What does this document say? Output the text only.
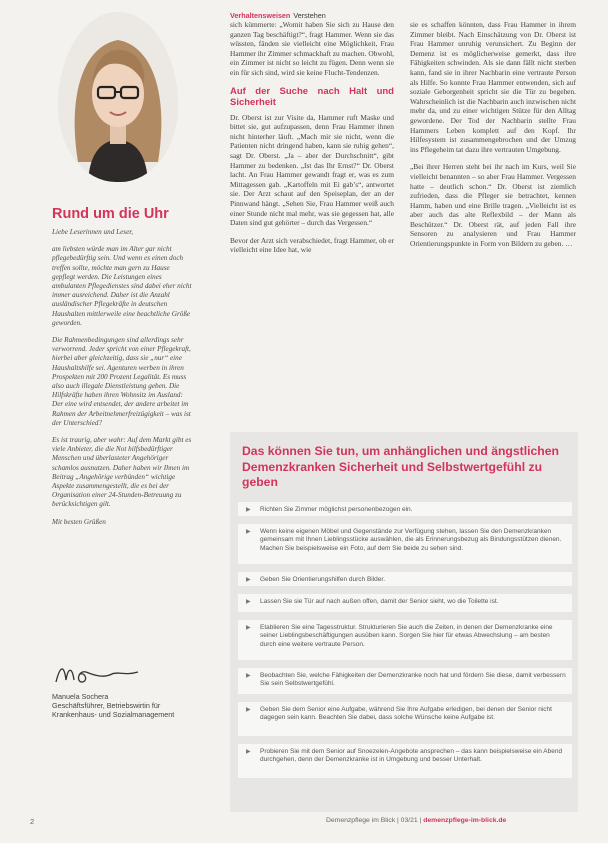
Rund um die Uhr

Liebe Leserinnen und Leser,

am liebsten würde man im Alter gar nicht pflegebedürftig sein. Und wenn es einen doch treffen sollte, möchte man gern zu Hause gepflegt werden. Die Leistungen eines ambulanten Pflegedienstes sind dabei eher nicht immer ausreichend. Daher ist die Anzahl ausländischer Pflegekräfte in deutschen Haushalten mittlerweile eine beachtliche Größe geworden.

Die Rahmenbedingungen sind allerdings sehr verworrend. Jeder spricht von einer Pflegekraft, hierbei aber gleichzeitig, dass sie „nur“ eine Haushaltshilfe sei. Agenturen werben in ihren Prospekten mit 200 Prozent Legalität. Es muss also auch illegale Dienstleistung geben. Die Hilfskräfte haben ihren Wohnsitz im Ausland: Der eine wird entsendet, der andere arbeitet im Rahmen der Arbeitnehmerfreizügigkeit – was ist der Unterschied?

Es ist traurig, aber wahr: Auf dem Markt gibt es viele Anbieter, die die Not hilfsbedürftiger Menschen und überlasteter Angehöriger schamlos ausnutzen. Daher haben wir Ihnen im Beitrag „Angehörige verbünden“ wichtige Aspekte zusammengestellt, die es bei der Organisation einer 24-Stunden-Betreuung zu berücksichtigen gilt.

Mit besten Grüßen

Manuela Sochera
Geschäftsführer, Betriebswirtin für Krankenhaus- und Sozialmanagement
Verhaltensweisen Verstehen

sich kümmerte: „Womit haben Sie sich zu Hause den ganzen Tag beschäftigt?“, fragt Hammer. Wenn sie das wüssten, fänden sie vielleicht eine Möglichkeit, Frau Hammer ihr Zimmer schmackhaft zu machen. Obwohl, ein Zimmer ist nicht so leicht zu fügen. Denn wenn sie ein für sich sind, wird sie keine Flucht-Tendenzen.

Auf der Suche nach Halt und Sicherheit

Dr. Oberst ist zur Visite da, Hammer ruft Maske und bittet sie, gut aufzupassen, denn Frau Hammer ihnen nicht hinterher läuft. „Mach mir sie nicht, wenn die Patienten nicht dringend haben, kann sie ruhig gehen“, sagt Dr. Oberst. „Ja – aber der Durchschnitt“, gibt Hammer zu bedenken. „Ist das Ihr Ernst?“ Dr. Oberst lacht. An Frau Hammer gewandt fragt er, was es zum Mittagessen gab. „Kartoffeln mit Ei gab’s“, antwortet sie. Der Arzt schaut auf den Speiseplan, der an der Pinnwand hängt. „Sehen Sie, Frau Hammer weiß auch einer Stunde nicht mal mehr, was sie gegessen hat, alle Daten sind gut gehörter – durch das Vergessen.“

Bevor der Arzt sich verabschiedet, fragt Hammer, ob er vielleicht eine Idee hat, wie

sie es schaffen könnten, dass Frau Hammer in ihrem Zimmer bleibt. Nach Einschätzung von Dr. Oberst ist Frau Hammer unruhig verunsichert. Zu Beginn der Demenz ist es möglicherweise gemerkt, dass ihre Fähigkeiten schwinden. Als sie dann fällt nicht sterben kann, fand sie in ihrer Nachbarin eine vertraute Person als Hilfe. So konnte Frau Hammer entwenden, sich auf soziale Geborgenheit spricht sie die Tür zu begehen. Wahrscheinlich ist die Nachbarin auch inzwischen nicht mehr da, und zu einer wichtigen Stütze für den Alltag gewordene. Der Tod der Nachbarin stellte Frau Hammers Leben komplett auf den Kopf. Ihr Hilfesystem ist zusammengebrochen und der Umzug ins Pflegeheim tat dazu ihre vertrauten Umgebung.

„Bei ihrer Herren steht bei ihr nach im Kurs, weil Sie vielleicht benannten – so aber Frau Hammer. Vergessen hatte – deutlich schon.“ Dr. Oberst ist ziemlich zufrieden, dass die Pfleger sie betrachtet, kennen Hamm, haben und eine Brille tragen. „Vielleicht ist es aber auch das alte Reflexbild – der Mann als Beschützer.“ Dr. Oberst rät, auf jeden Fall ihre Sensoren zu analysieren und Frau Hammer Orientierungspunkte in Form von Bildern zu geben. …

Das können Sie tun, um anhänglichen und ängstlichen Demenzkranken Sicherheit und Selbstwertgefühl zu geben
▶ Richten Sie Zimmer möglichst personenbezogen ein.
▶ Wenn keine eigenen Möbel und Gegenstände zur Verfügung stehen, lassen Sie den Demenzkranken gemeinsam mit Ihnen Lieblingsstücke auswählen, die als Erinnerungsbezug als Bindungsstützen dienen. Machen Sie beispielsweise ein Foto, auf dem Sie beide zu sehen sind.
▶ Geben Sie Orientierungshilfen durch Bilder.
▶ Lassen Sie sie Tür auf nach außen offen, damit der Senior sieht, wo die Toilette ist.
▶ Etablieren Sie eine Tagesstruktur. Strukturieren Sie auch die Zeiten, in denen der Demenzkranke eine seiner Lieblingsbeschäftigungen ausüben kann. Sorgen Sie hier für etwas Abwechslung – am besten durch eine weitere vertraute Person.
▶ Beobachten Sie, welche Fähigkeiten der Demenzkranke noch hat und fördern Sie diese, damit verbessern Sie sein Selbstwertgefühl.
▶ Geben Sie dem Senior eine Aufgabe, während Sie Ihre Aufgabe erledigen, bei denen der Senior nicht dagegen sein kann. Beachten Sie dabei, dass solche Wünsche keine Aufgabe ist.
▶ Probieren Sie mit dem Senior auf Snoezelen-Angebote ansprechen – das kann beispielsweise ein Abend durchgehen, denn der Demenzkranke ist in Umgebung und besser Unterhalt.
2	Demenzpflege im Blick | 03/21 | demenzpflege-im-blick.de
